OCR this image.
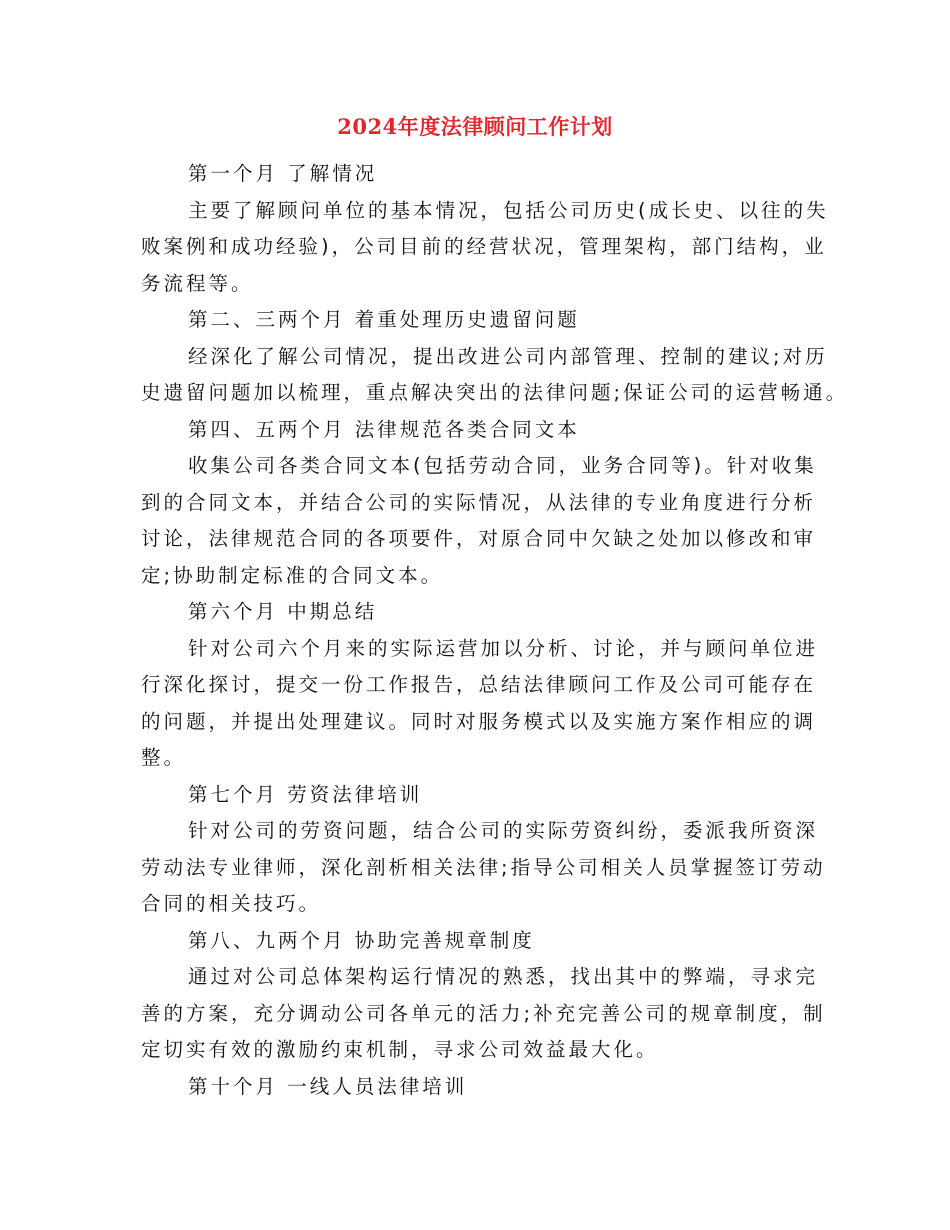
2024年度法律顾问工作计划
第一个月 了解情况
主要了解顾问单位的基本情况，包括公司历史(成长史、以往的失
败案例和成功经验)，公司目前的经营状况，管理架构，部门结构，业
务流程等。
第二、三两个月 着重处理历史遗留问题
经深化了解公司情况，提出改进公司内部管理、控制的建议;对历
史遗留问题加以梳理，重点解决突出的法律问题;保证公司的运营畅通。
第四、五两个月 法律规范各类合同文本
收集公司各类合同文本(包括劳动合同，业务合同等)。针对收集
到的合同文本，并结合公司的实际情况，从法律的专业角度进行分析
讨论，法律规范合同的各项要件，对原合同中欠缺之处加以修改和审
定;协助制定标准的合同文本。
第六个月 中期总结
针对公司六个月来的实际运营加以分析、讨论，并与顾问单位进
行深化探讨，提交一份工作报告，总结法律顾问工作及公司可能存在
的问题，并提出处理建议。同时对服务模式以及实施方案作相应的调
整。
第七个月 劳资法律培训
针对公司的劳资问题，结合公司的实际劳资纠纷，委派我所资深
劳动法专业律师，深化剖析相关法律;指导公司相关人员掌握签订劳动
合同的相关技巧。
第八、九两个月 协助完善规章制度
通过对公司总体架构运行情况的熟悉，找出其中的弊端，寻求完
善的方案，充分调动公司各单元的活力;补充完善公司的规章制度，制
定切实有效的激励约束机制，寻求公司效益最大化。
第十个月 一线人员法律培训
